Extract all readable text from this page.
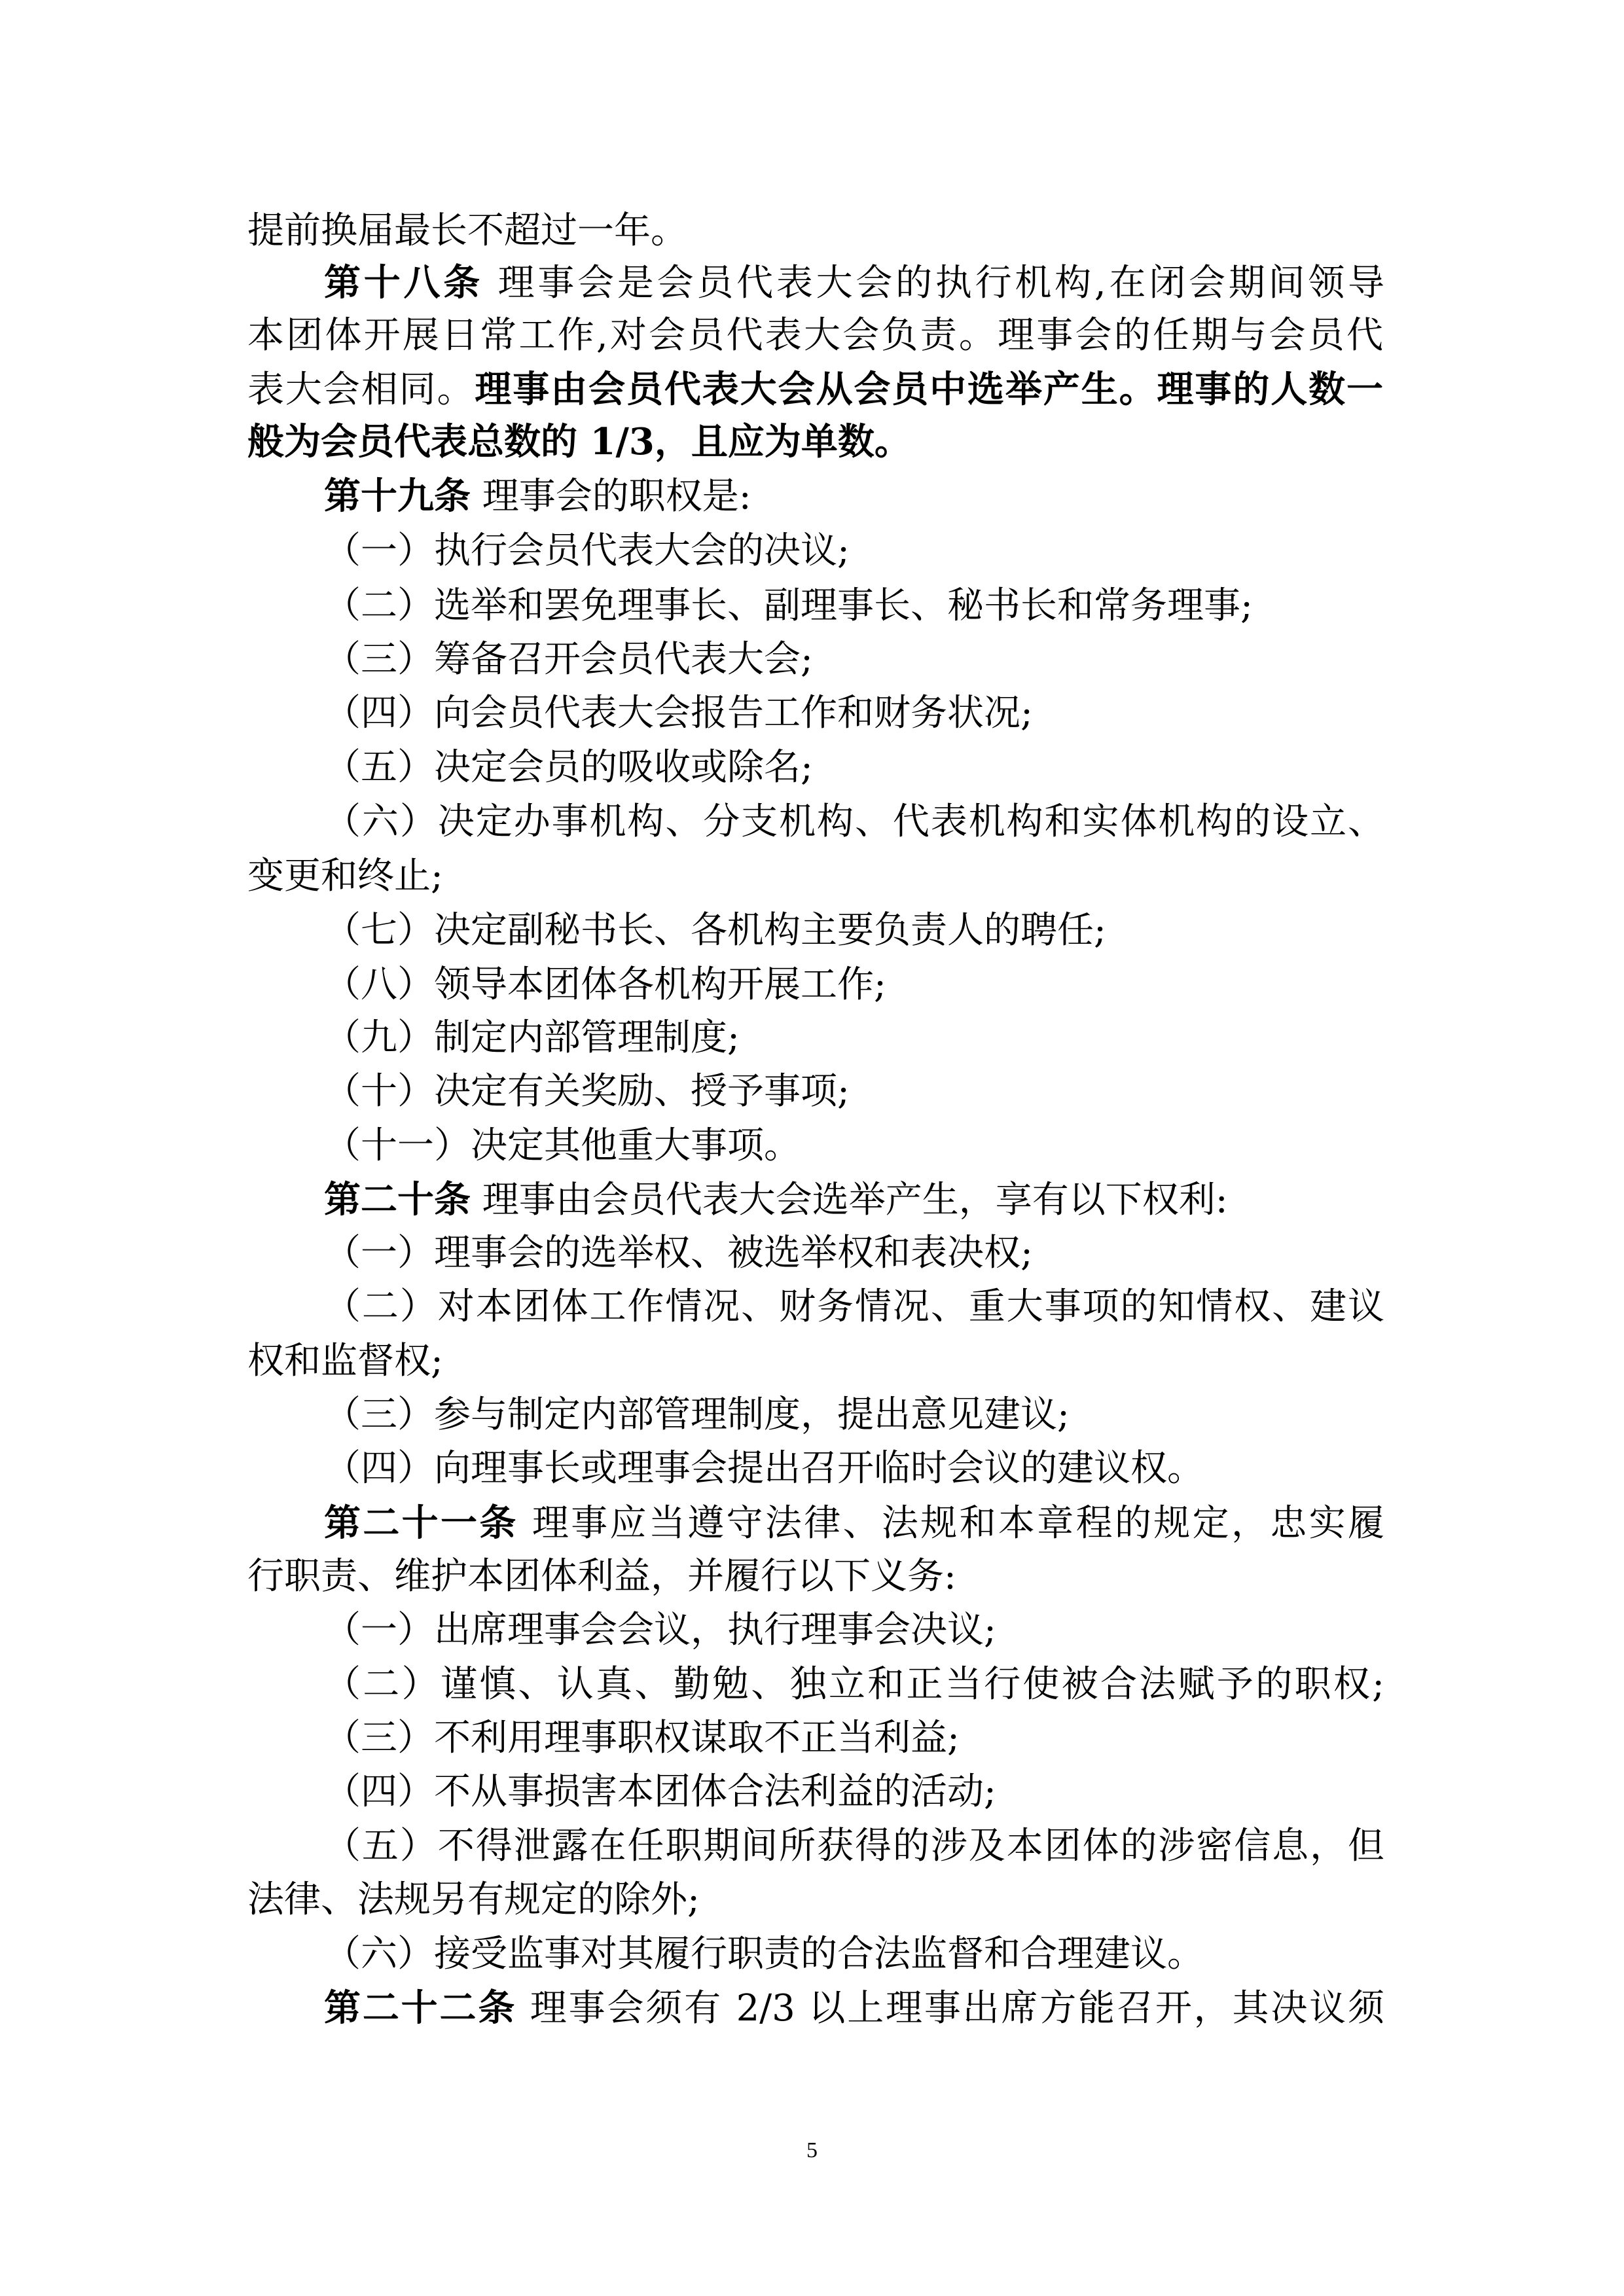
提前换届最长不超过一年。
第十八条 理事会是会员代表大会的执行机构,在闭会期间领导
本团体开展日常工作,对会员代表大会负责。理事会的任期与会员代
表大会相同。理事由会员代表大会从会员中选举产生。理事的人数一
般为会员代表总数的 1/3，且应为单数。
第十九条 理事会的职权是:
（一）执行会员代表大会的决议;
（二）选举和罢免理事长、副理事长、秘书长和常务理事;
（三）筹备召开会员代表大会;
（四）向会员代表大会报告工作和财务状况;
（五）决定会员的吸收或除名;
（六）决定办事机构、分支机构、代表机构和实体机构的设立、
变更和终止;
（七）决定副秘书长、各机构主要负责人的聘任;
（八）领导本团体各机构开展工作;
（九）制定内部管理制度;
（十）决定有关奖励、授予事项;
（十一）决定其他重大事项。
第二十条 理事由会员代表大会选举产生，享有以下权利:
（一）理事会的选举权、被选举权和表决权;
（二）对本团体工作情况、财务情况、重大事项的知情权、建议
权和监督权;
（三）参与制定内部管理制度，提出意见建议;
（四）向理事长或理事会提出召开临时会议的建议权。
第二十一条 理事应当遵守法律、法规和本章程的规定，忠实履
行职责、维护本团体利益，并履行以下义务:
（一）出席理事会会议，执行理事会决议;
（二）谨慎、认真、勤勉、独立和正当行使被合法赋予的职权;
（三）不利用理事职权谋取不正当利益;
（四）不从事损害本团体合法利益的活动;
（五）不得泄露在任职期间所获得的涉及本团体的涉密信息，但
法律、法规另有规定的除外;
（六）接受监事对其履行职责的合法监督和合理建议。
第二十二条 理事会须有 2/3 以上理事出席方能召开，其决议须
5
